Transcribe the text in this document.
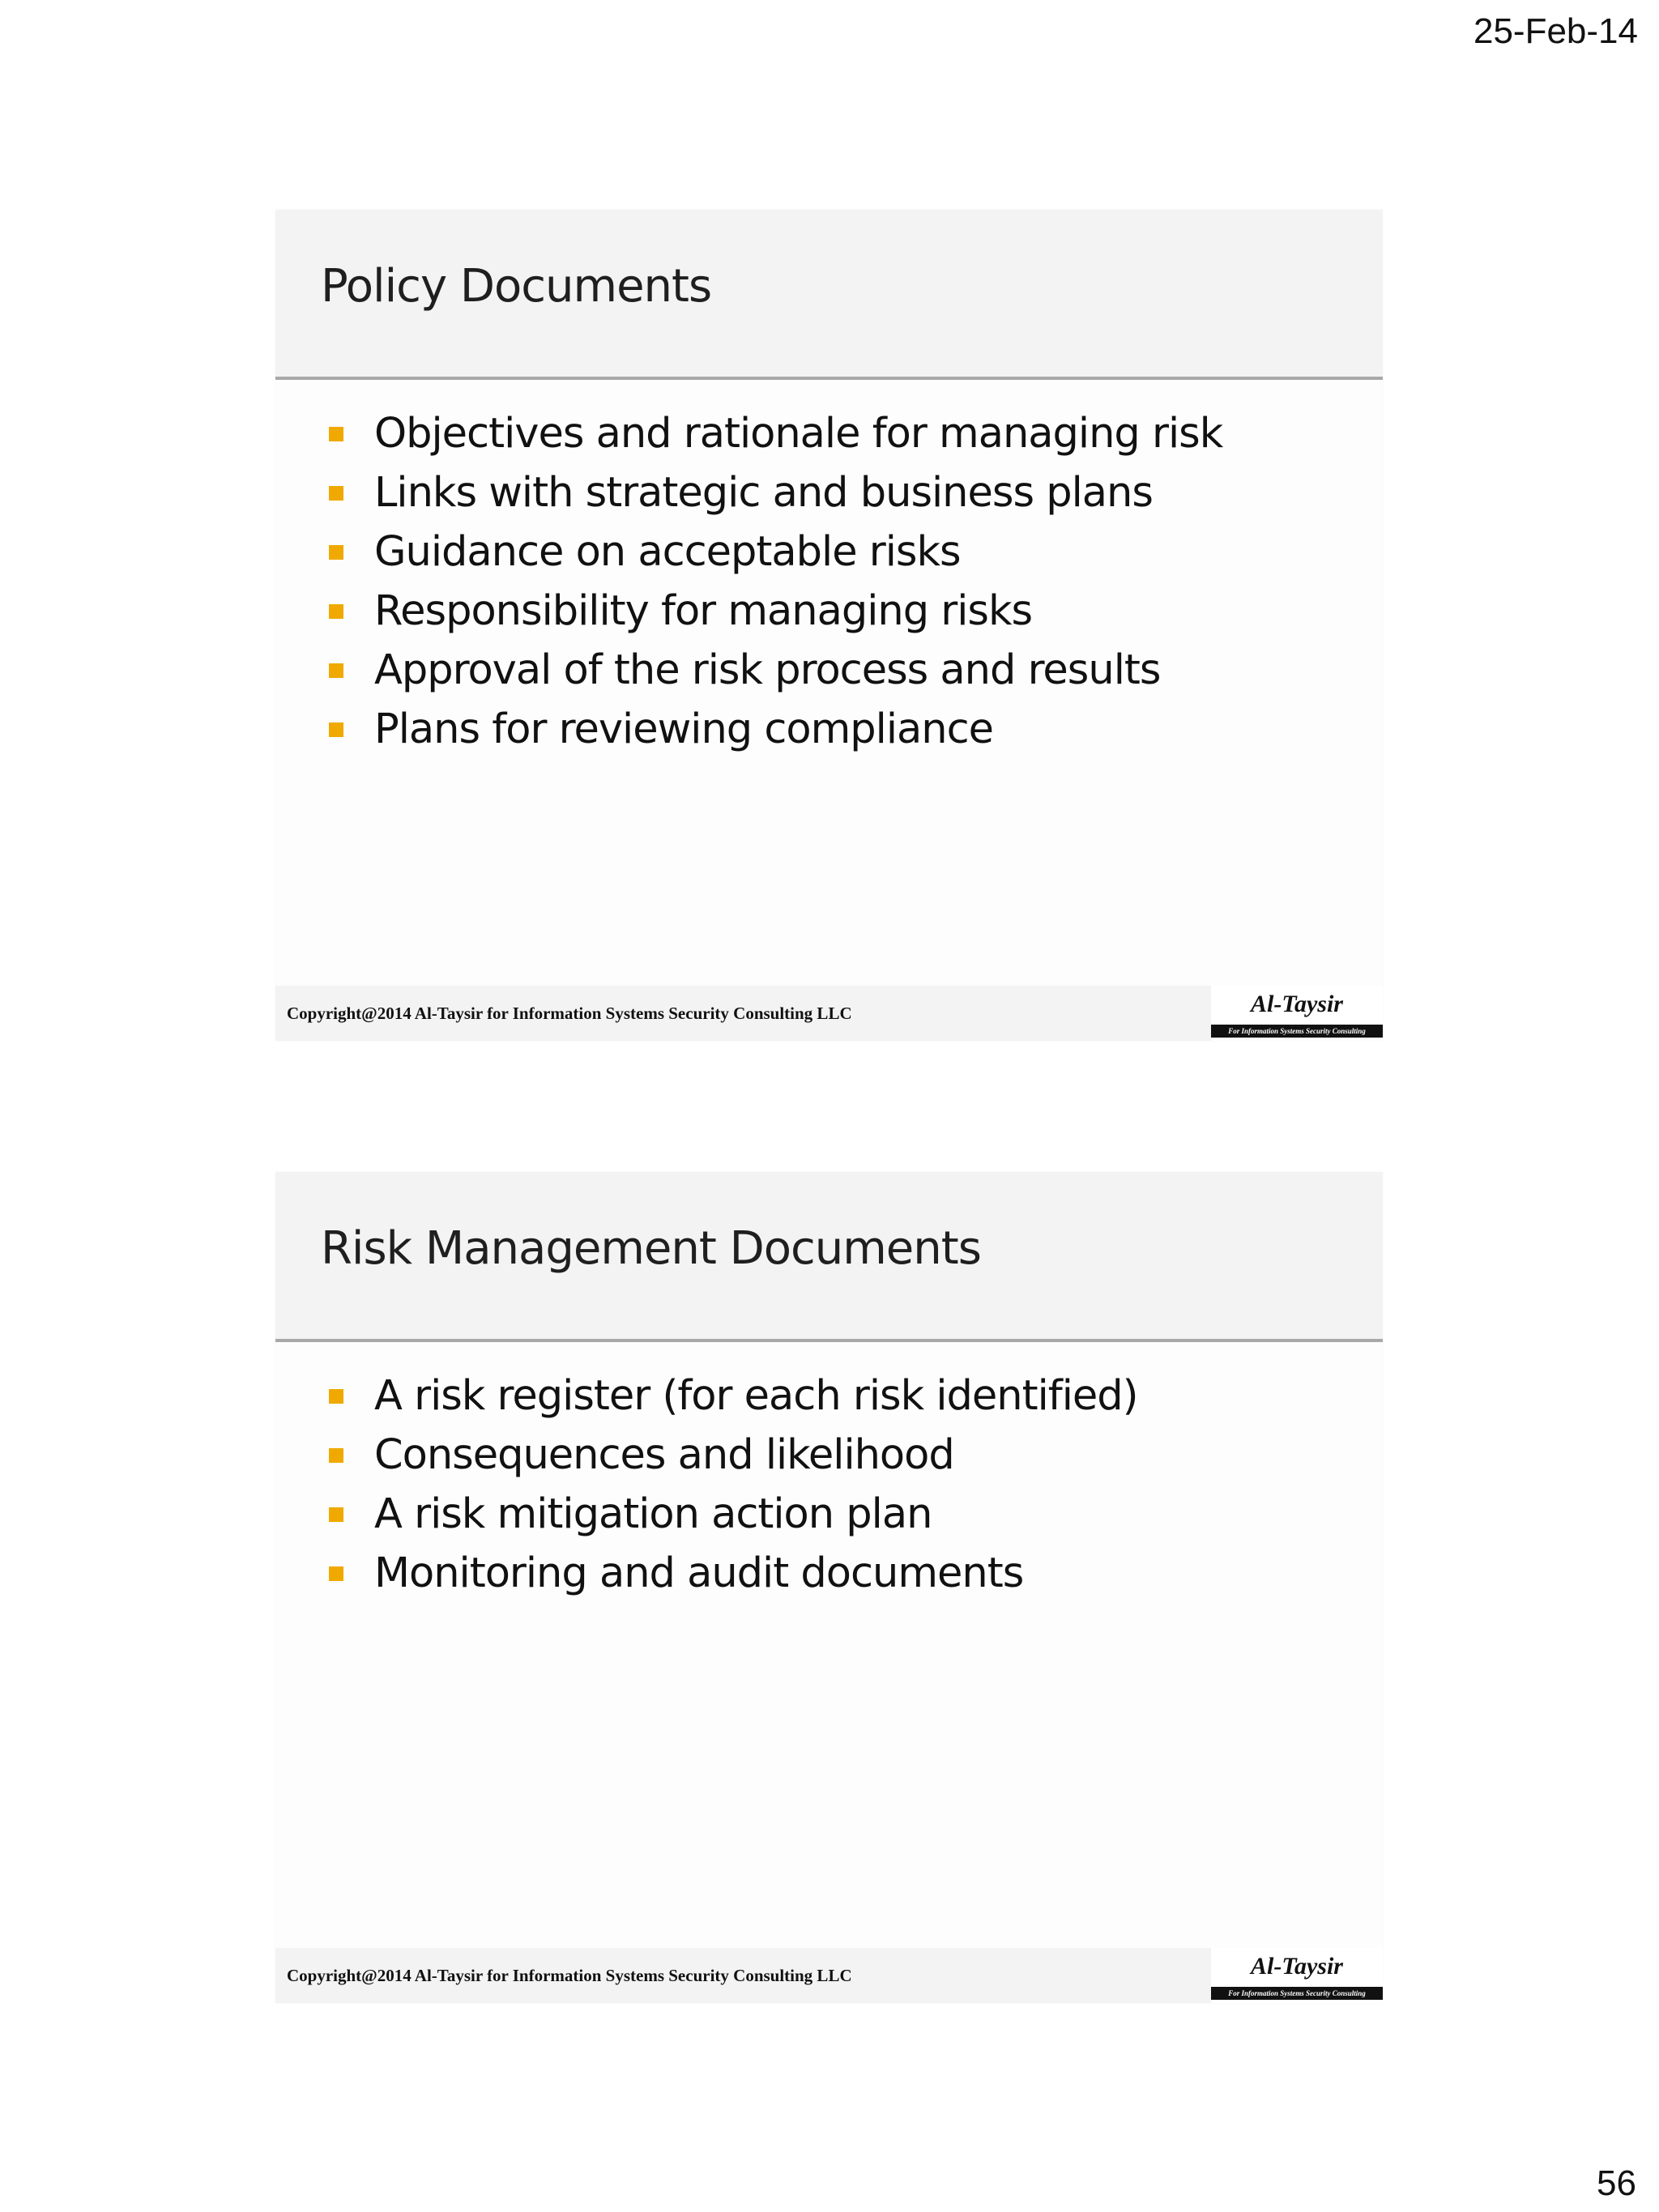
25-Feb-14
Policy Documents
Objectives and rationale for managing risk
Links with strategic and business plans
Guidance on acceptable risks
Responsibility for managing risks
Approval of the risk process and results
Plans for reviewing compliance
Copyright@2014 Al-Taysir for Information Systems Security Consulting LLC	Al-Taysir
For Information Systems Security Consulting
Risk Management Documents
A risk register (for each risk identified)
Consequences and likelihood
A risk mitigation action plan
Monitoring and audit documents
Copyright@2014 Al-Taysir for Information Systems Security Consulting LLC	Al-Taysir
For Information Systems Security Consulting
56
